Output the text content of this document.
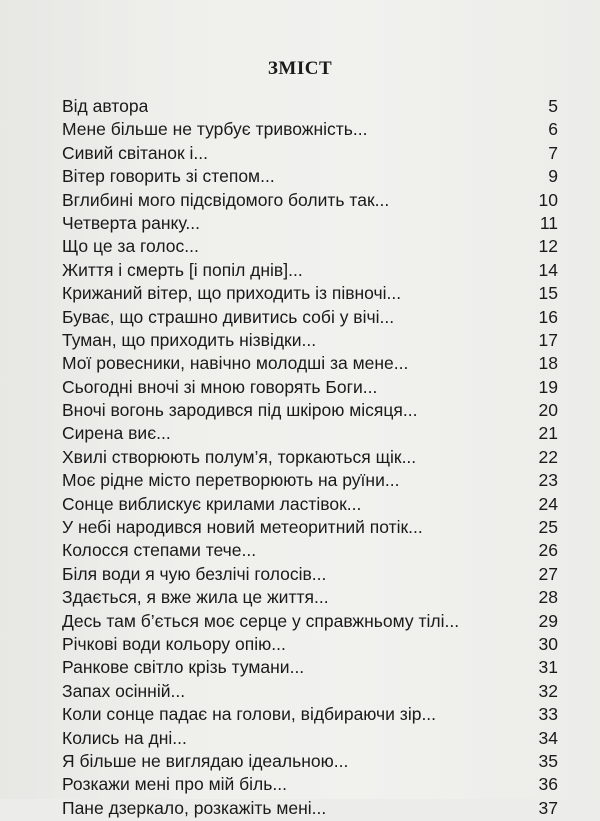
ЗМІСТ
Від автора	5
Мене більше не турбує тривожність...	6
Сивий світанок і...	7
Вітер говорить зі степом...	9
Вглибині мого підсвідомого болить так...	10
Четверта ранку...	11
Що це за голос...	12
Життя і смерть [і попіл днів]...	14
Крижаний вітер, що приходить із півночі...	15
Буває, що страшно дивитись собі у вічі...	16
Туман, що приходить нізвідки...	17
Мої ровесники, навічно молодші за мене...	18
Сьогодні вночі зі мною говорять Боги...	19
Вночі вогонь зародився під шкірою місяця...	20
Сирена виє...	21
Хвилі створюють полум’я, торкаються щік...	22
Моє рідне місто перетворюють на руїни...	23
Сонце виблискує крилами ластівок...	24
У небі народився новий метеоритний потік...	25
Колосся степами тече...	26
Біля води я чую безлічі голосів...	27
Здається, я вже жила це життя...	28
Десь там б’ється моє серце у справжньому тілі...	29
Річкові води кольору опію...	30
Ранкове світло крізь тумани...	31
Запах осінній...	32
Коли сонце падає на голови, відбираючи зір...	33
Колись на дні...	34
Я більше не виглядаю ідеальною...	35
Розкажи мені про мій біль...	36
Пане дзеркало, розкажіть мені...	37
